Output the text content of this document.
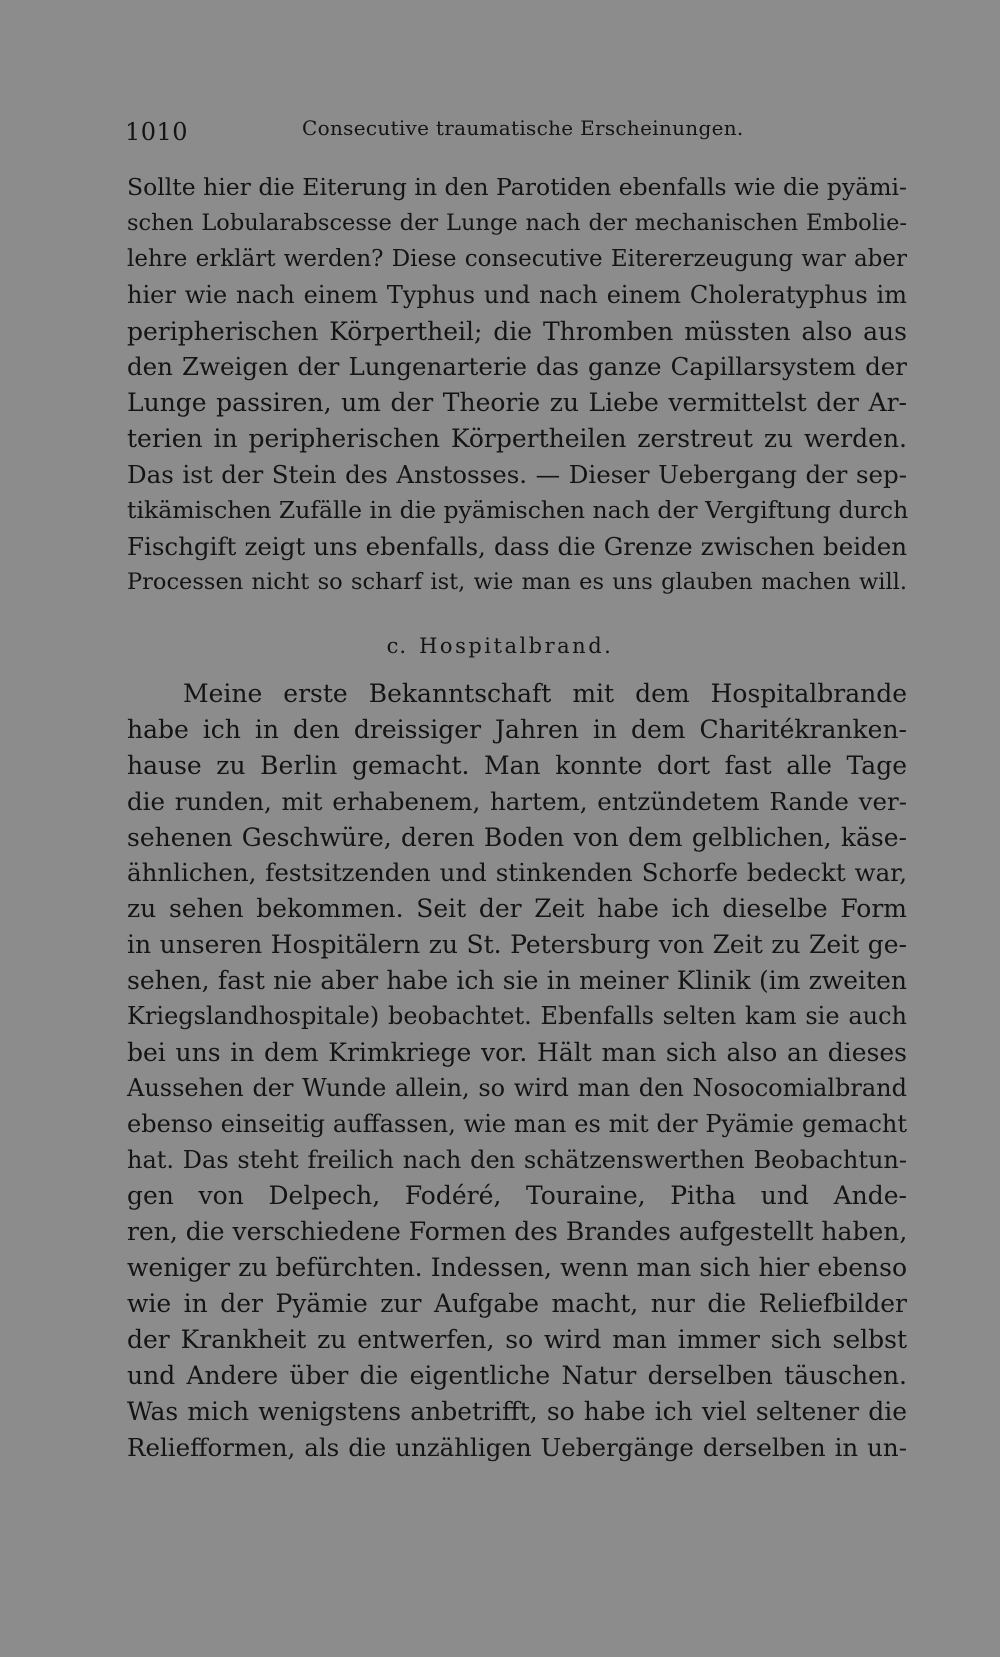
1010	Consecutive traumatische Erscheinungen.
Sollte hier die Eiterung in den Parotiden ebenfalls wie die pyämi-
schen Lobularabscesse der Lunge nach der mechanischen Embolie-
lehre erklärt werden? Diese consecutive Eitererzeugung war aber
hier wie nach einem Typhus und nach einem Choleratyphus im
peripherischen Körpertheil; die Thromben müssten also aus
den Zweigen der Lungenarterie das ganze Capillarsystem der
Lunge passiren, um der Theorie zu Liebe vermittelst der Ar-
terien in peripherischen Körpertheilen zerstreut zu werden.
Das ist der Stein des Anstosses. — Dieser Uebergang der sep-
tikämischen Zufälle in die pyämischen nach der Vergiftung durch
Fischgift zeigt uns ebenfalls, dass die Grenze zwischen beiden
Processen nicht so scharf ist, wie man es uns glauben machen will.
c. Hospitalbrand.
Meine erste Bekanntschaft mit dem Hospitalbrande
habe ich in den dreissiger Jahren in dem Charitékranken-
hause zu Berlin gemacht. Man konnte dort fast alle Tage
die runden, mit erhabenem, hartem, entzündetem Rande ver-
sehenen Geschwüre, deren Boden von dem gelblichen, käse-
ähnlichen, festsitzenden und stinkenden Schorfe bedeckt war,
zu sehen bekommen. Seit der Zeit habe ich dieselbe Form
in unseren Hospitälern zu St. Petersburg von Zeit zu Zeit ge-
sehen, fast nie aber habe ich sie in meiner Klinik (im zweiten
Kriegslandhospitale) beobachtet. Ebenfalls selten kam sie auch
bei uns in dem Krimkriege vor. Hält man sich also an dieses
Aussehen der Wunde allein, so wird man den Nosocomialbrand
ebenso einseitig auffassen, wie man es mit der Pyämie gemacht
hat. Das steht freilich nach den schätzenswerthen Beobachtun-
gen von Delpech, Fodéré, Touraine, Pitha und Ande-
ren, die verschiedene Formen des Brandes aufgestellt haben,
weniger zu befürchten. Indessen, wenn man sich hier ebenso
wie in der Pyämie zur Aufgabe macht, nur die Reliefbilder
der Krankheit zu entwerfen, so wird man immer sich selbst
und Andere über die eigentliche Natur derselben täuschen.
Was mich wenigstens anbetrifft, so habe ich viel seltener die
Reliefformen, als die unzähligen Uebergänge derselben in un-
